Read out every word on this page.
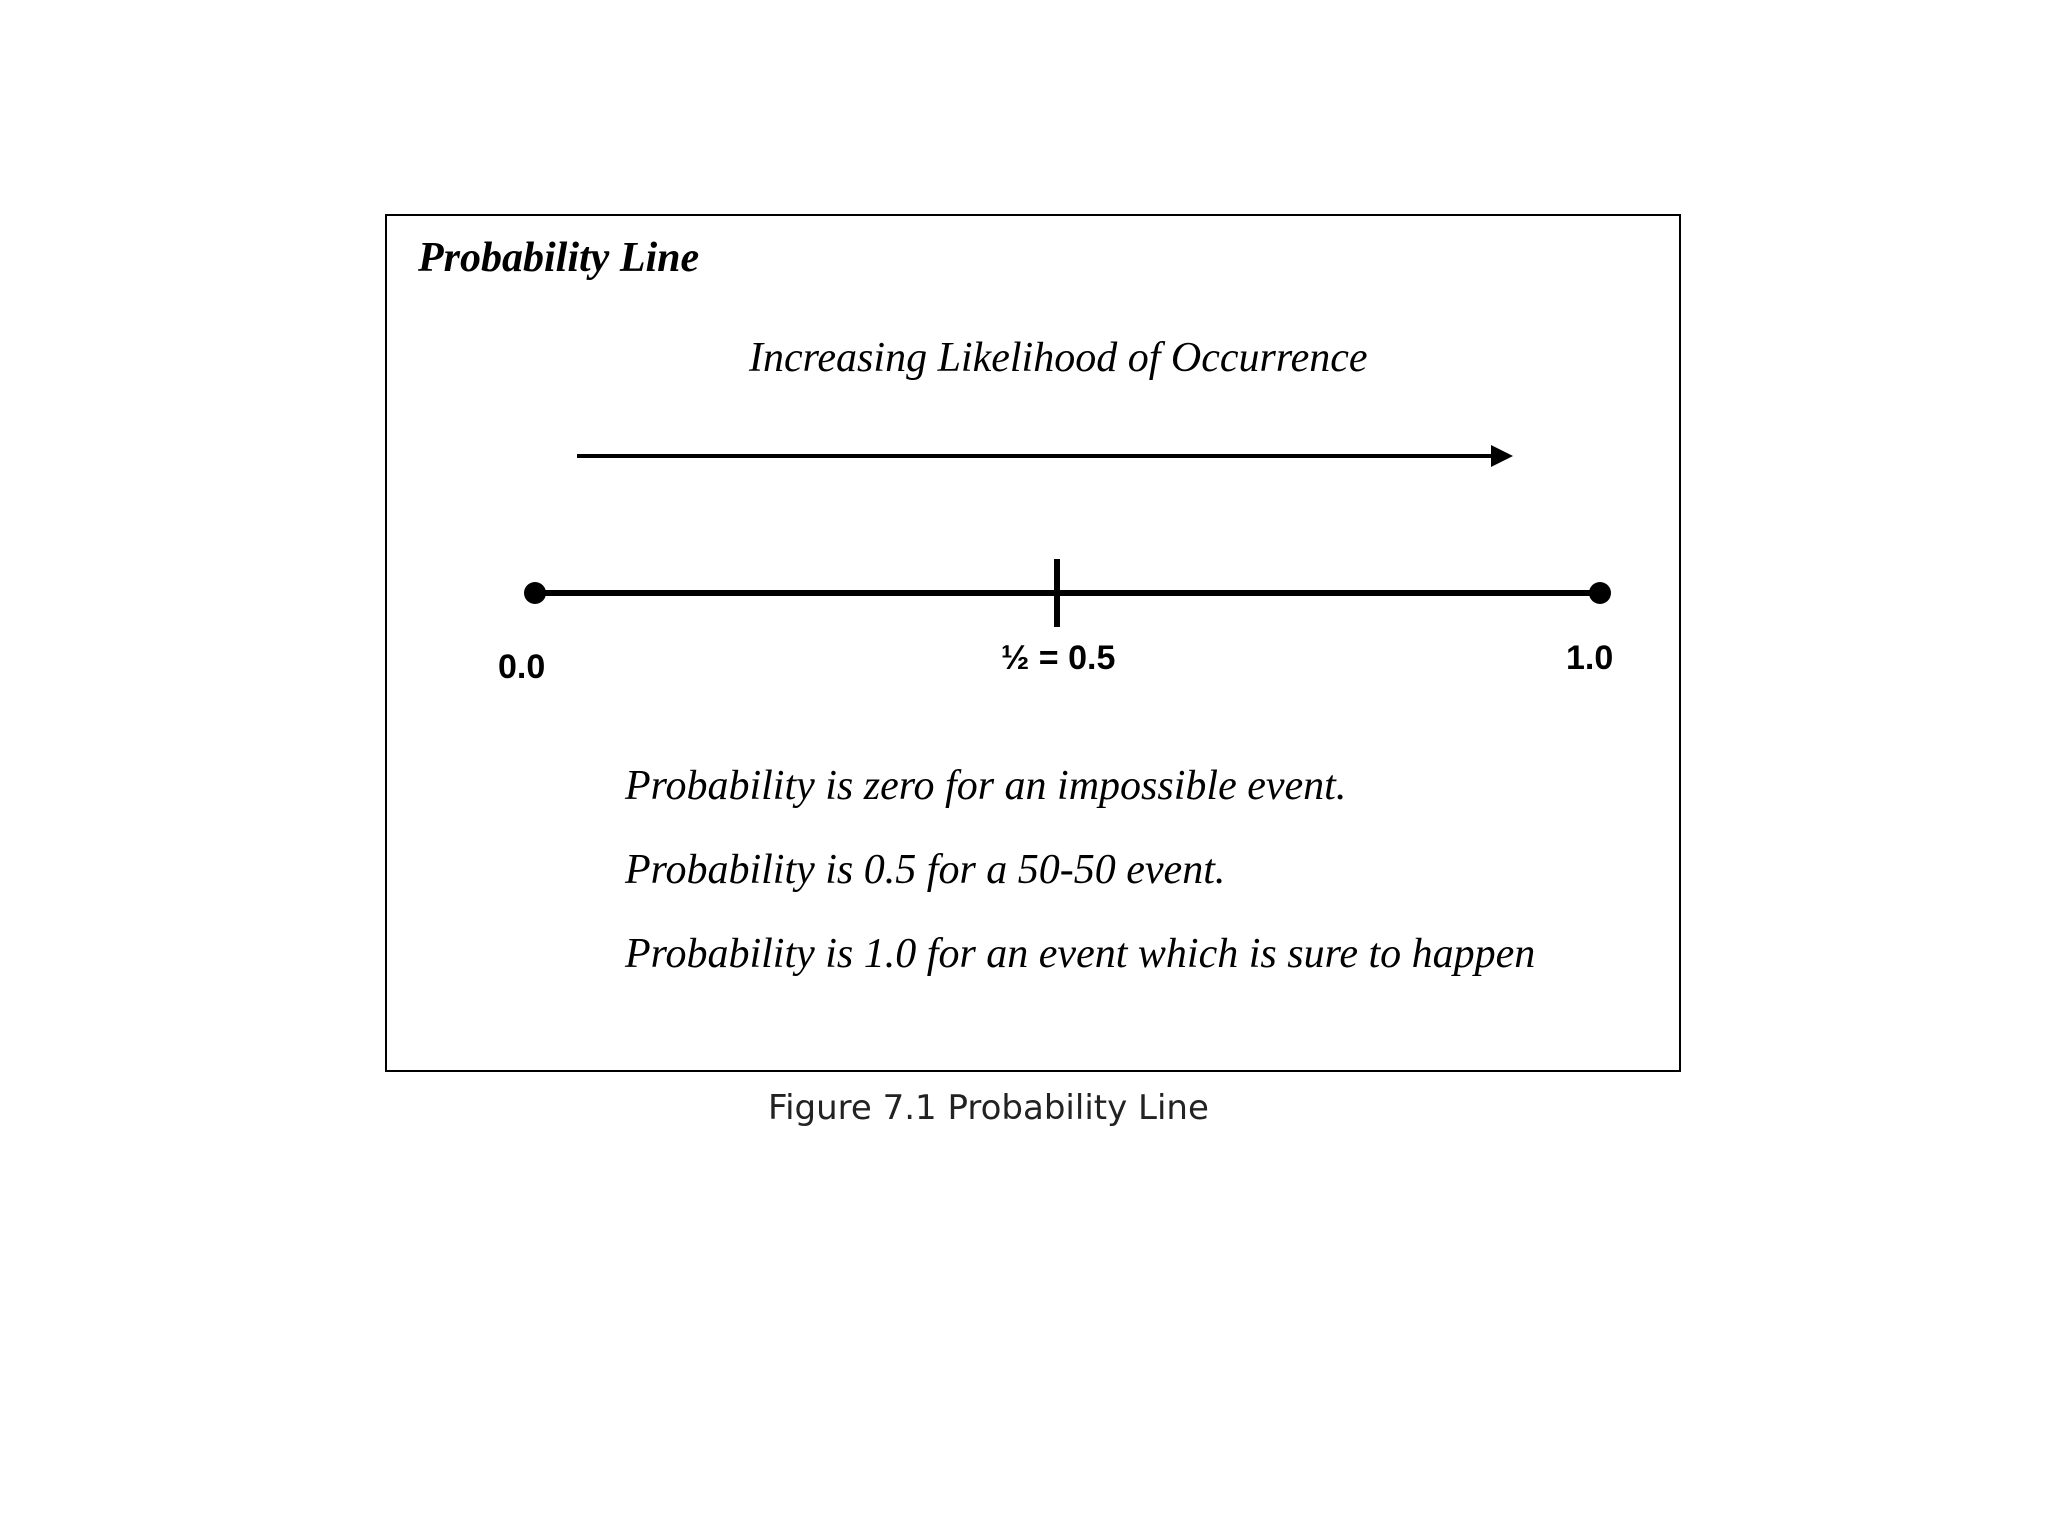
Probability Line
Increasing Likelihood of Occurrence
0.0	½ = 0.5	1.0
Probability is zero for an impossible event.
Probability is 0.5 for a 50-50 event.
Probability is 1.0 for an event which is sure to happen
Figure 7.1 Probability Line
